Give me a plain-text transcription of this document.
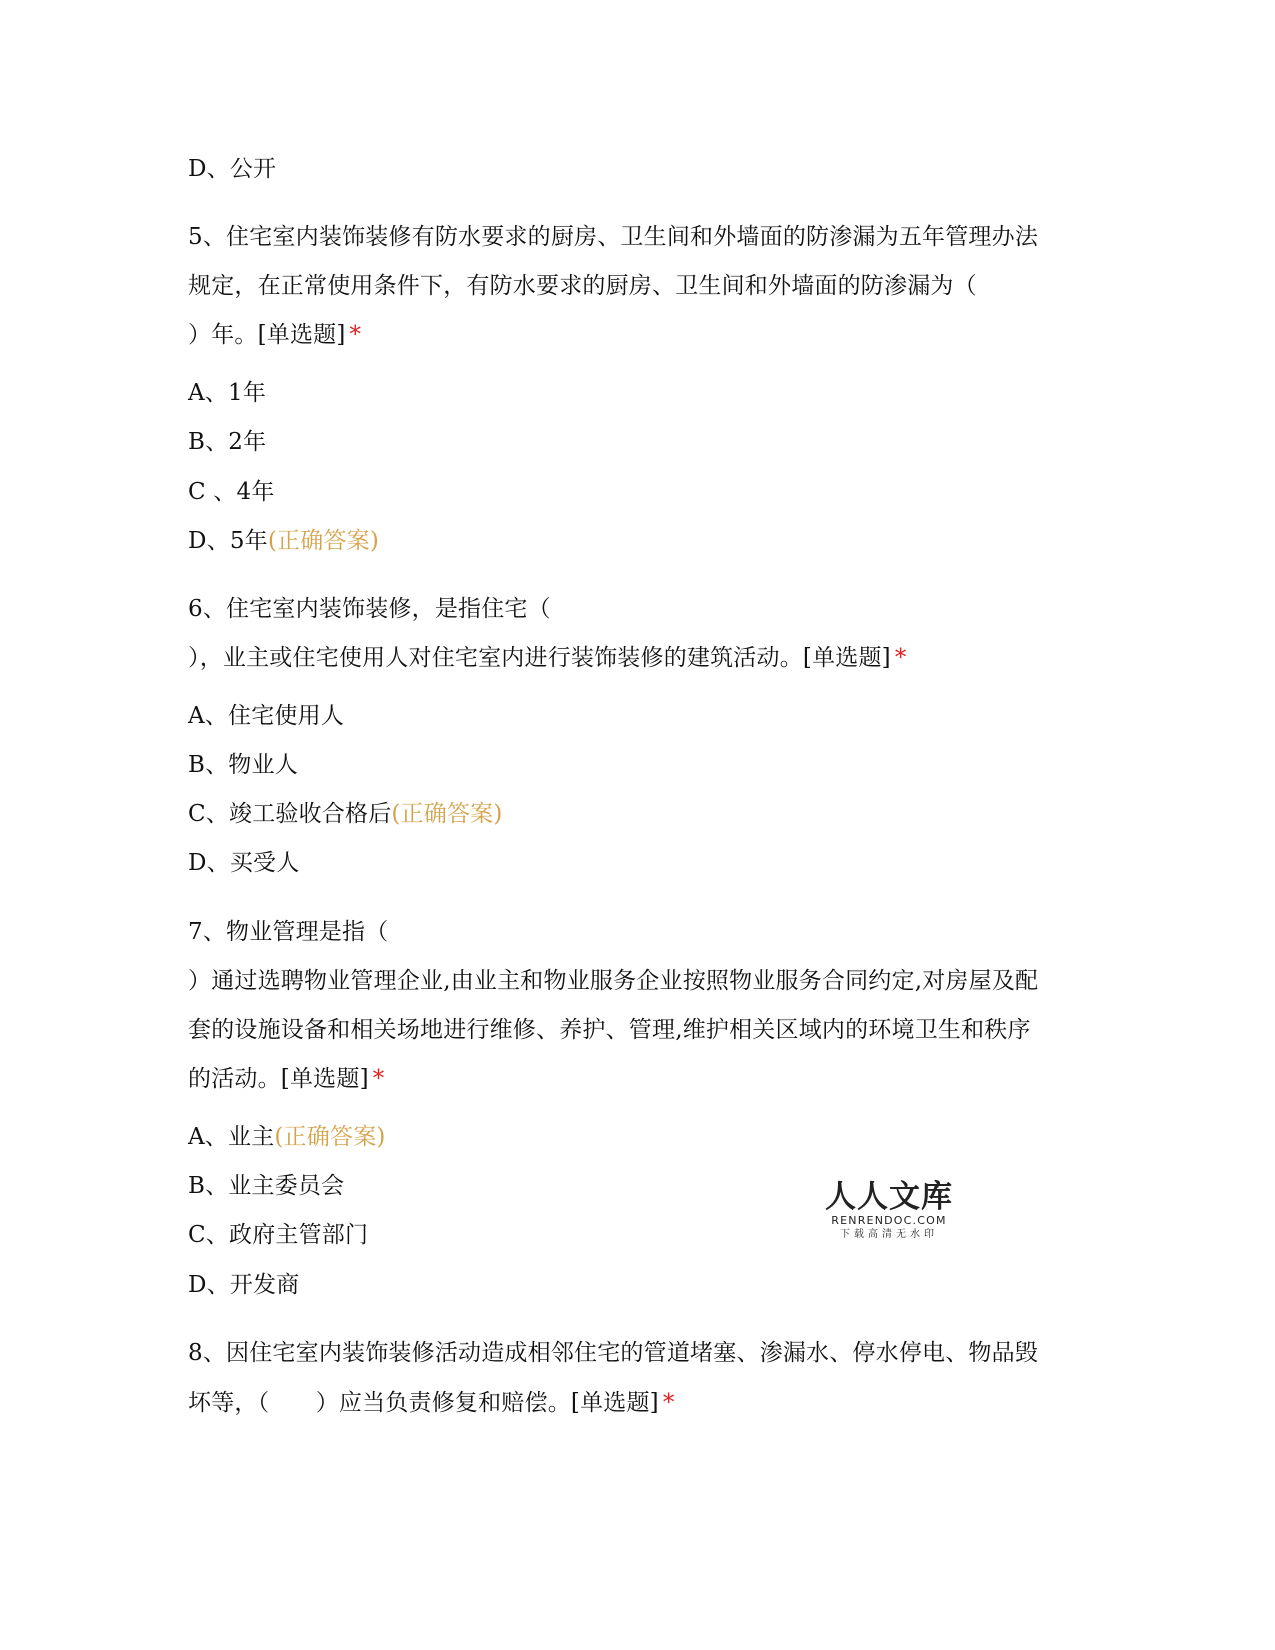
D、公开
5、住宅室内装饰装修有防水要求的厨房、卫生间和外墙面的防渗漏为五年管理办法
规定，在正常使用条件下，有防水要求的厨房、卫生间和外墙面的防渗漏为（
）年。[单选题] *
A、1年
B、2年
C 、4年
D、5年(正确答案)
6、住宅室内装饰装修，是指住宅（
），业主或住宅使用人对住宅室内进行装饰装修的建筑活动。[单选题] *
A、住宅使用人
B、物业人
C、竣工验收合格后(正确答案)
D、买受人
7、物业管理是指（
）通过选聘物业管理企业,由业主和物业服务企业按照物业服务合同约定,对房屋及配
套的设施设备和相关场地进行维修、养护、管理,维护相关区域内的环境卫生和秩序
的活动。[单选题] *
A、业主(正确答案)
B、业主委员会
C、政府主管部门
D、开发商
8、因住宅室内装饰装修活动造成相邻住宅的管道堵塞、渗漏水、停水停电、物品毁
坏等，（　　）应当负责修复和赔偿。[单选题] *
人人文库
RENRENDOC.COM
下载高清无水印
